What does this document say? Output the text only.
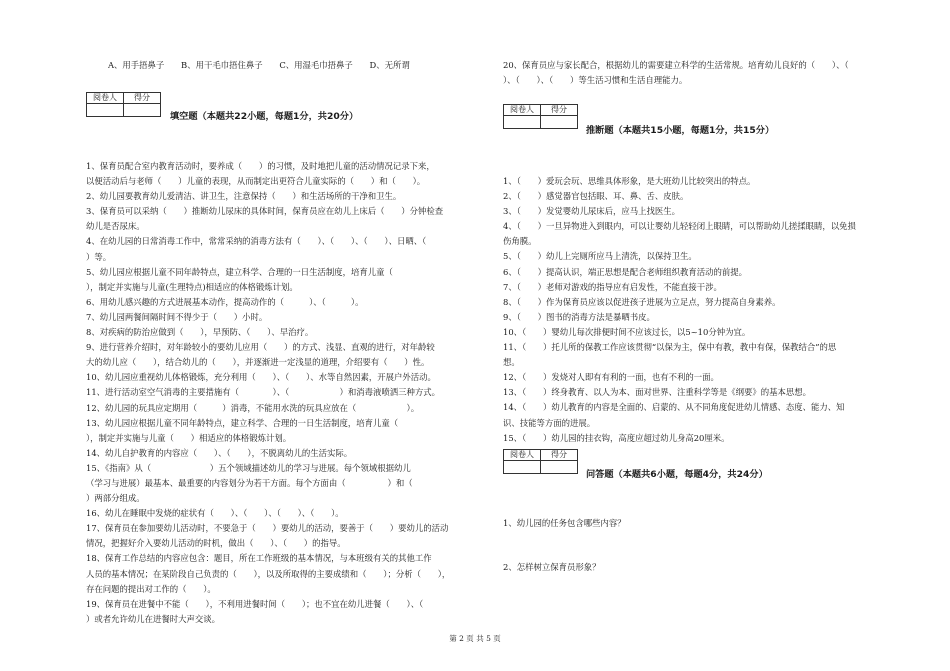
A、用手捂鼻子　　B、用干毛巾捂住鼻子　　C、用湿毛巾捂鼻子　　D、无所谓
阅卷人	得分

填空题（本题共22小题，每题1分，共20分）
1、保育员配合室内教育活动时，要养成（　　）的习惯，及时地把儿童的活动情况记录下来，
以便活动后与老师（　　）儿童的表现，从而制定出更符合儿童实际的（　　）和（　　）。
2、幼儿园要教育幼儿爱清洁、讲卫生，注意保持（　　）和生活场所的干净和卫生。
3、保育员可以采纳（　　）推断幼儿尿床的具体时间，保育员应在幼儿上床后（　　）分钟检查
幼儿是否尿床。
4、在幼儿园的日常消毒工作中，常常采纳的消毒方法有（　　）、（　　）、（　　）、日晒、（　　
）等。
5、幼儿园应根据儿童不同年龄特点，建立科学、合理的一日生活制度，培育儿童（　　
），制定并实施与儿童(生理特点)相适应的体格锻炼计划。
6、用幼儿感兴趣的方式进展基本动作，提高动作的（　　　）、（　　　）。
7、幼儿园两餐间隔时间不得少于（　　）小时。
8、对疾病的防治应做到（　　），早预防、（　　）、早治疗。
9、进行营养介绍时，对年龄较小的要幼儿应用（　　）的方式、浅显、直观的进行，对年龄较
大的幼儿应（　　），结合幼儿的（　　），并逐渐进一定浅显的道理，介绍要有（　　）性。
10、幼儿园应重视幼儿体格锻炼，充分利用（　　）、（　　）、水等自然因素，开展户外活动。
11、进行活动室空气消毒的主要措施有（　　　　）、（　　　　　　）和消毒液喷洒三种方式。
12、幼儿园的玩具应定期用（　　　）消毒，不能用水洗的玩具应放在（　　　　　　）。
13、幼儿园应根据儿童不同年龄特点，建立科学、合理的一日生活制度，培育儿童（　　
），制定并实施与儿童（　　）相适应的体格锻炼计划。
14、幼儿自护教育的内容应（　　）、（　　），不脱离幼儿的生活实际。
15、《指南》从（　　　　　　　）五个领域描述幼儿的学习与进展。每个领域根据幼儿
（学习与进展）最基本、最重要的内容划分为若干方面。每个方面由（　　　　　）和（　　　
）两部分组成。
16、幼儿在睡眠中发烧的症状有（　　）、（　　）、（　　）、（　　）。
17、保育员在参加要幼儿活动时，不要急于（　　）要幼儿的活动，要善于（　　）要幼儿的活动
情况，把握好介入要幼儿活动的时机，做出（　　）、（　　）的指导。
18、保育工作总结的内容应包含：题目，所在工作班级的基本情况，与本班级有关的其他工作
人员的基本情况；在某阶段自己负责的（　　），以及所取得的主要成绩和（　　）；分析（　　），
存在问题的提出对工作的（　　）。
19、保育员在进餐中不能（　　），不利用进餐时间（　　）；也不宜在幼儿进餐（　　）、（　　
）或者允许幼儿在进餐时大声交谈。
20、保育员应与家长配合，根据幼儿的需要建立科学的生活常规。培育幼儿良好的（　　）、（　
）、（　　）、（　　）等生活习惯和生活自理能力。
阅卷人	得分

推断题（本题共15小题，每题1分，共15分）
1、（　　）爱玩会玩、思维具体形象，是大班幼儿比较突出的特点。
2、（　　）感觉器官包括眼、耳、鼻、舌、皮肤。
3、（　　）发觉婴幼儿尿床后，应马上找医生。
4、（　　）一旦异物进入到眼内，可以让婴幼儿轻轻闭上眼睛，可以帮助幼儿搓揉眼睛，以免损
伤角膜。
5、（　　）幼儿上完厕所应马上清洗，以保持卫生。
6、（　　）提高认识，端正思想是配合老师组织教育活动的前提。
7、（　　）老师对游戏的指导应有启发性，不能直接干涉。
8、（　　）作为保育员应该以促进孩子进展为立足点，努力提高自身素养。
9、（　　）图书的消毒方法是暴晒书皮。
10、（　　）婴幼儿每次排便时间不应该过长，以5~10分钟为宜。
11、（　　）托儿所的保教工作应该贯彻“以保为主，保中有教，教中有保，保教结合”的思
想。
12、（　　）发烧对人即有有利的一面，也有不利的一面。
13、（　　）终身教育、以人为本、面对世界、注重科学等是《纲要》的基本思想。
14、（　　）幼儿教育的内容是全面的、启蒙的、从不同角度促进幼儿情感、态度、能力、知
识、技能等方面的进展。
15、（　　）幼儿园的挂衣钩，高度应超过幼儿身高20厘米。
阅卷人	得分

问答题（本题共6小题，每题4分，共24分）
1、幼儿园的任务包含哪些内容？
2、怎样树立保育员形象？
第 2 页 共 5 页
